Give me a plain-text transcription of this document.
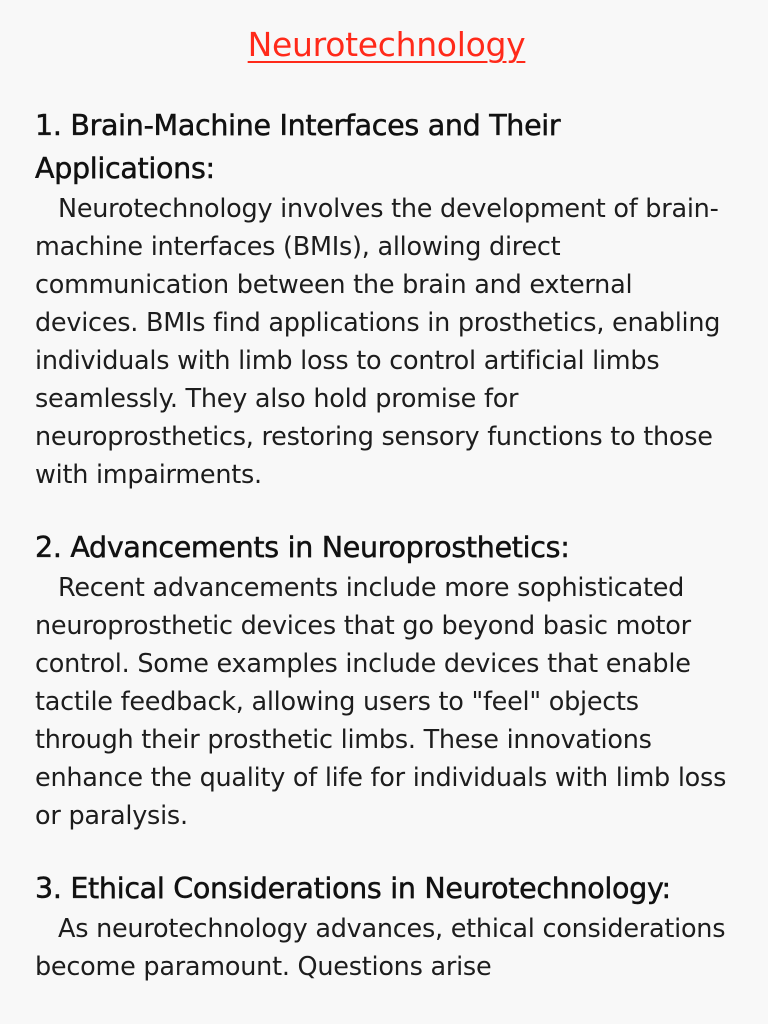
Neurotechnology
1. Brain-Machine Interfaces and Their Applications:

Neurotechnology involves the development of brain-machine interfaces (BMIs), allowing direct communication between the brain and external devices. BMIs find applications in prosthetics, enabling individuals with limb loss to control artificial limbs seamlessly. They also hold promise for neuroprosthetics, restoring sensory functions to those with impairments.

2. Advancements in Neuroprosthetics:

Recent advancements include more sophisticated neuroprosthetic devices that go beyond basic motor control. Some examples include devices that enable tactile feedback, allowing users to "feel" objects through their prosthetic limbs. These innovations enhance the quality of life for individuals with limb loss or paralysis.

3. Ethical Considerations in Neurotechnology:

As neurotechnology advances, ethical considerations become paramount. Questions arise
